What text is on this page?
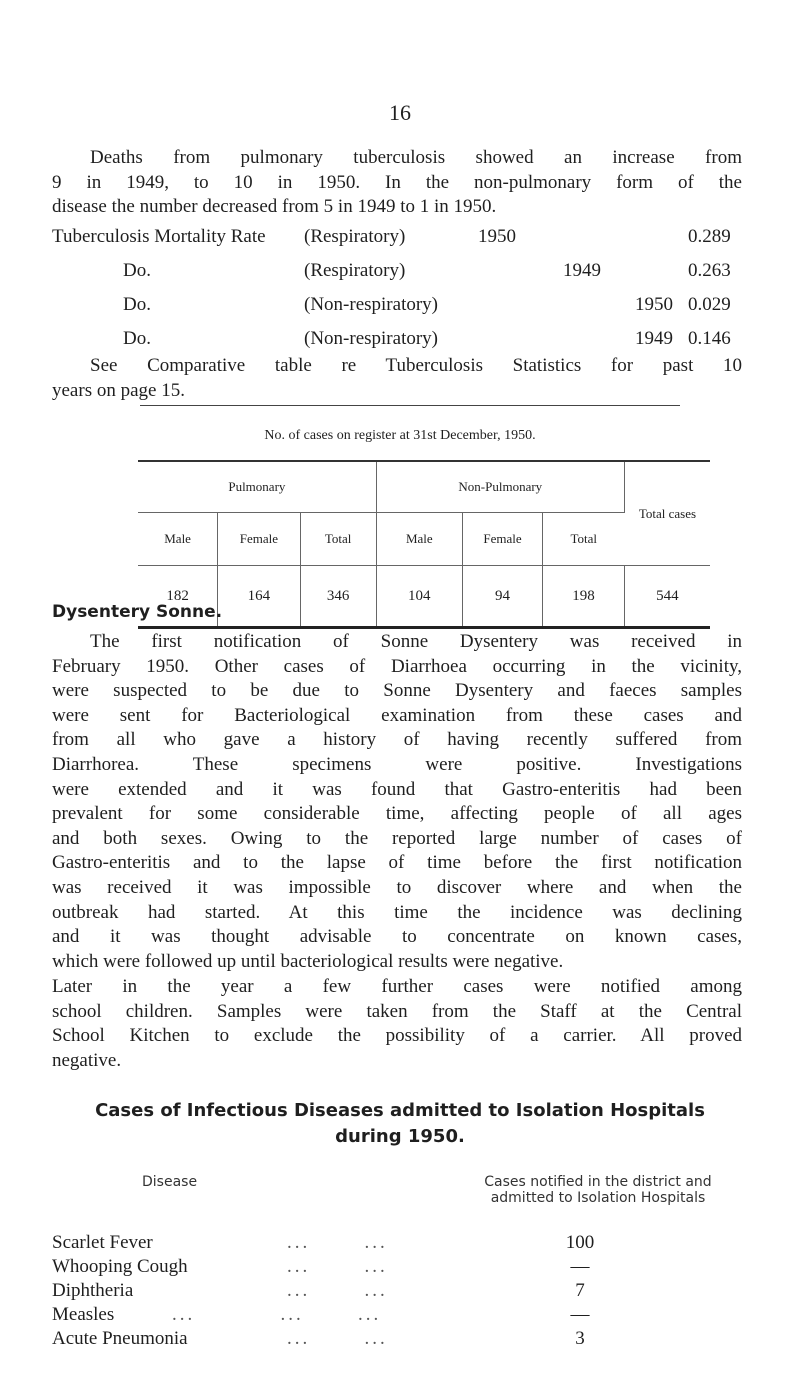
16
Deaths from pulmonary tuberculosis showed an increase from
9 in 1949, to 10 in 1950. In the non-pulmonary form of the
disease the number decreased from 5 in 1949 to 1 in 1950.
Tuberculosis Mortality Rate (Respiratory)	1950	0.289
Do.	(Respiratory)	1949	0.263
Do.	(Non-respiratory)	1950 0.029
Do.	(Non-respiratory)	1949 0.146
See Comparative table re Tuberculosis Statistics for past 10
years on page 15.
No. of cases on register at 31st December, 1950.
Pulmonary			Non-Pulmonary			Total cases
Male	Female	Total	Male	Female	Total	
182	164	346	104	94	198	544
Dysentery Sonne.
The first notification of Sonne Dysentery was received in
February 1950. Other cases of Diarrhoea occurring in the vicinity,
were suspected to be due to Sonne Dysentery and faeces samples
were sent for Bacteriological examination from these cases and
from all who gave a history of having recently suffered from
Diarrhorea. These specimens were positive. Investigations
were extended and it was found that Gastro-enteritis had been
prevalent for some considerable time, affecting people of all ages
and both sexes. Owing to the reported large number of cases of
Gastro-enteritis and to the lapse of time before the first notification
was received it was impossible to discover where and when the
outbreak had started. At this time the incidence was declining
and it was thought advisable to concentrate on known cases,
which were followed up until bacteriological results were negative.
Later in the year a few further cases were notified among
school children. Samples were taken from the Staff at the Central
School Kitchen to exclude the possibility of a carrier. All proved
negative.
Cases of Infectious Diseases admitted to Isolation Hospitals
during 1950.
Disease	Cases notified in the district and
admitted to Isolation Hospitals
Scarlet Fever	...       ...	100
Whooping Cough	...       ...	—
Diphtheria	...       ...	7
Measles	...           ...       ...	—
Acute Pneumonia	...       ...	3
